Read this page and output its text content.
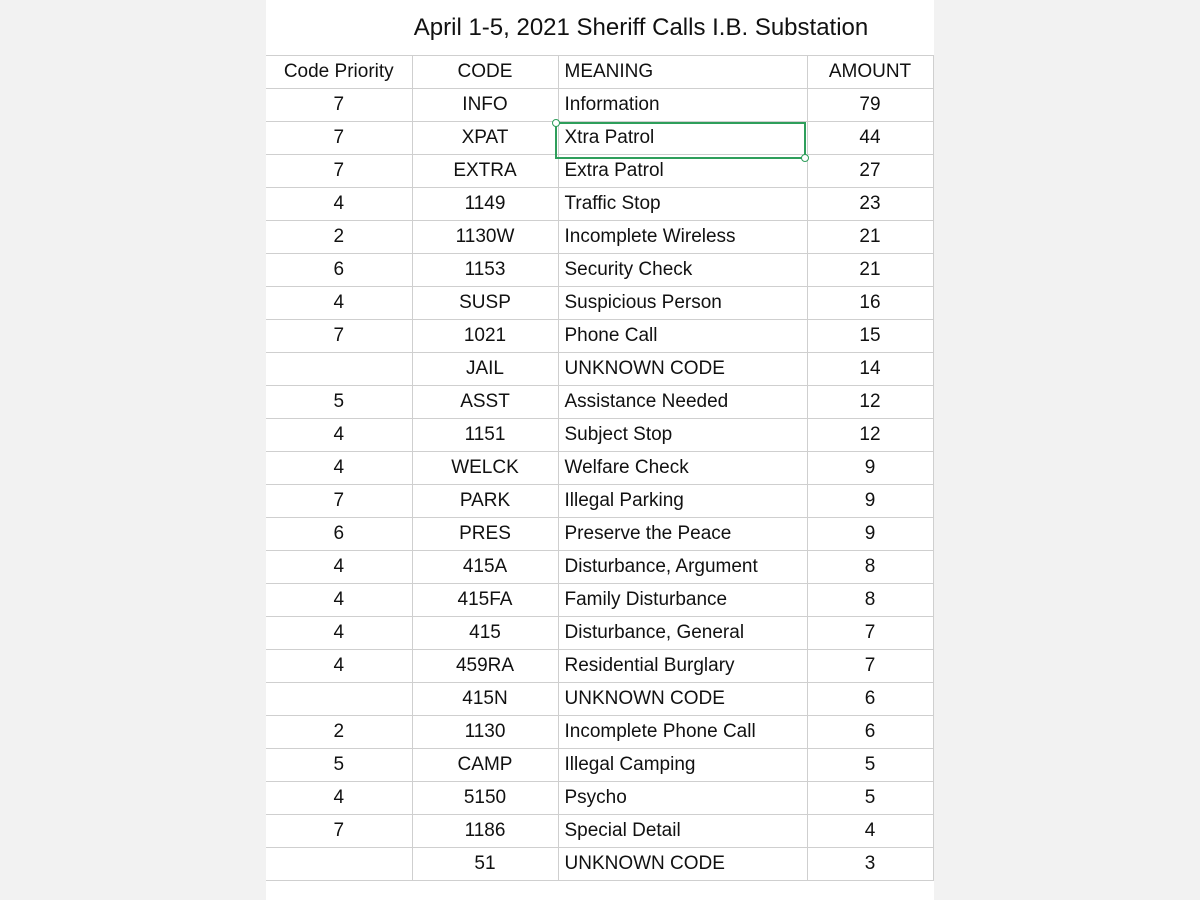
April 1-5, 2021 Sheriff Calls I.B. Substation
Code Priority	CODE	MEANING	AMOUNT
7	INFO	Information	79
7	XPAT	Xtra Patrol	44
7	EXTRA	Extra Patrol	27
4	1149	Traffic Stop	23
2	1130W	Incomplete Wireless	21
6	1153	Security Check	21
4	SUSP	Suspicious Person	16
7	1021	Phone Call	15
	JAIL	UNKNOWN CODE	14
5	ASST	Assistance Needed	12
4	1151	Subject Stop	12
4	WELCK	Welfare Check	9
7	PARK	Illegal Parking	9
6	PRES	Preserve the Peace	9
4	415A	Disturbance, Argument	8
4	415FA	Family Disturbance	8
4	415	Disturbance, General	7
4	459RA	Residential Burglary	7
	415N	UNKNOWN CODE	6
2	1130	Incomplete Phone Call	6
5	CAMP	Illegal Camping	5
4	5150	Psycho	5
7	1186	Special Detail	4
	51	UNKNOWN CODE	3
